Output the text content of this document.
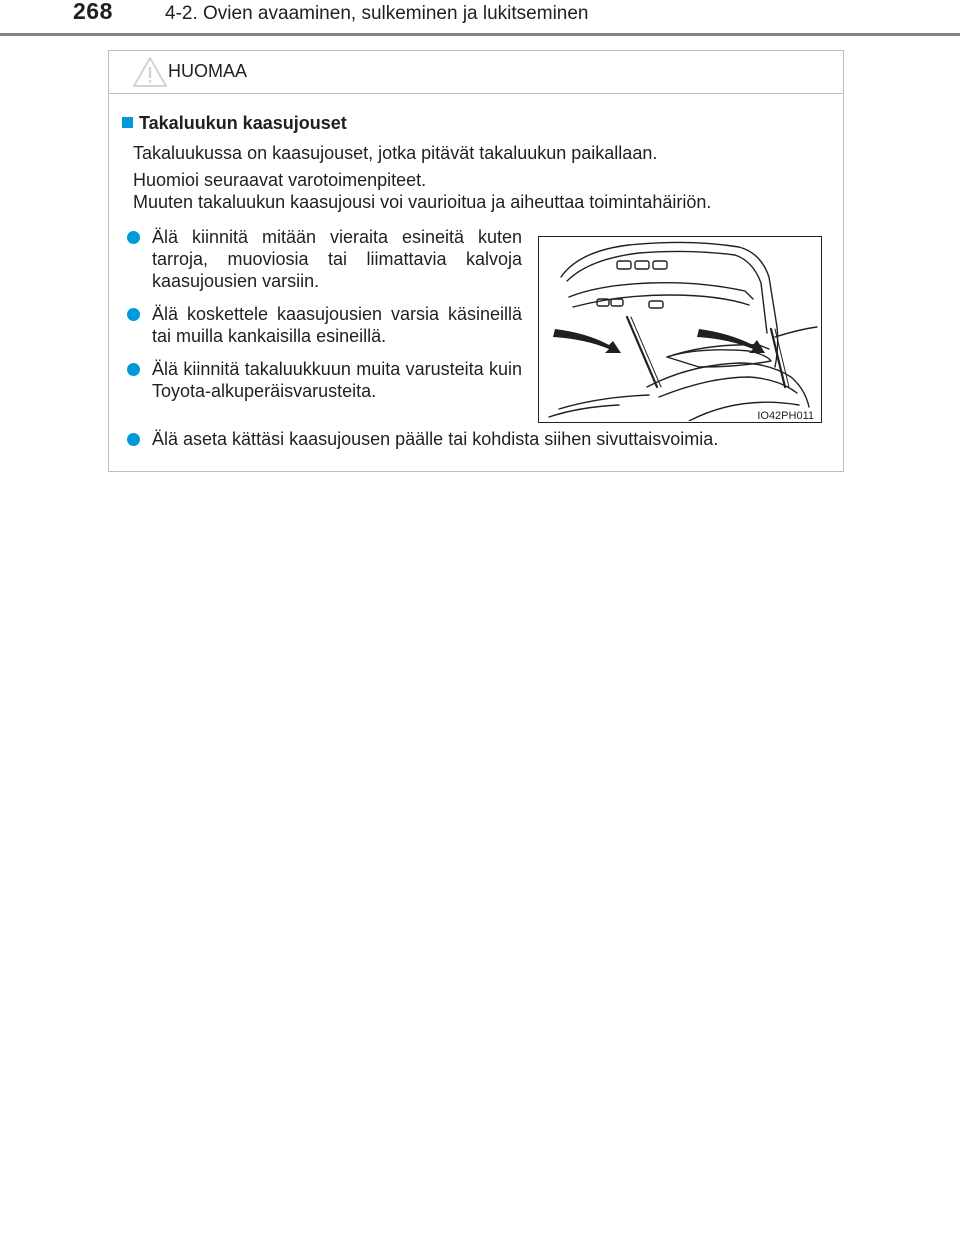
268	4-2. Ovien avaaminen, sulkeminen ja lukitseminen
HUOMAA
Takaluukun kaasujouset
Takaluukussa on kaasujouset, jotka pitävät takaluukun paikallaan.
Huomioi seuraavat varotoimenpiteet.
Muuten takaluukun kaasujousi voi vaurioitua ja aiheuttaa toimintahäiriön.
Älä kiinnitä mitään vieraita esineitä kuten tarroja, muoviosia tai liimattavia kalvoja kaasujousien varsiin.
Älä koskettele kaasujousien varsia käsineillä tai muilla kankaisilla esineillä.
Älä kiinnitä takaluukkuun muita varusteita kuin Toyota-alkuperäisvarusteita.
Älä aseta kättäsi kaasujousen päälle tai kohdista siihen sivuttaisvoimia.
IO42PH011
